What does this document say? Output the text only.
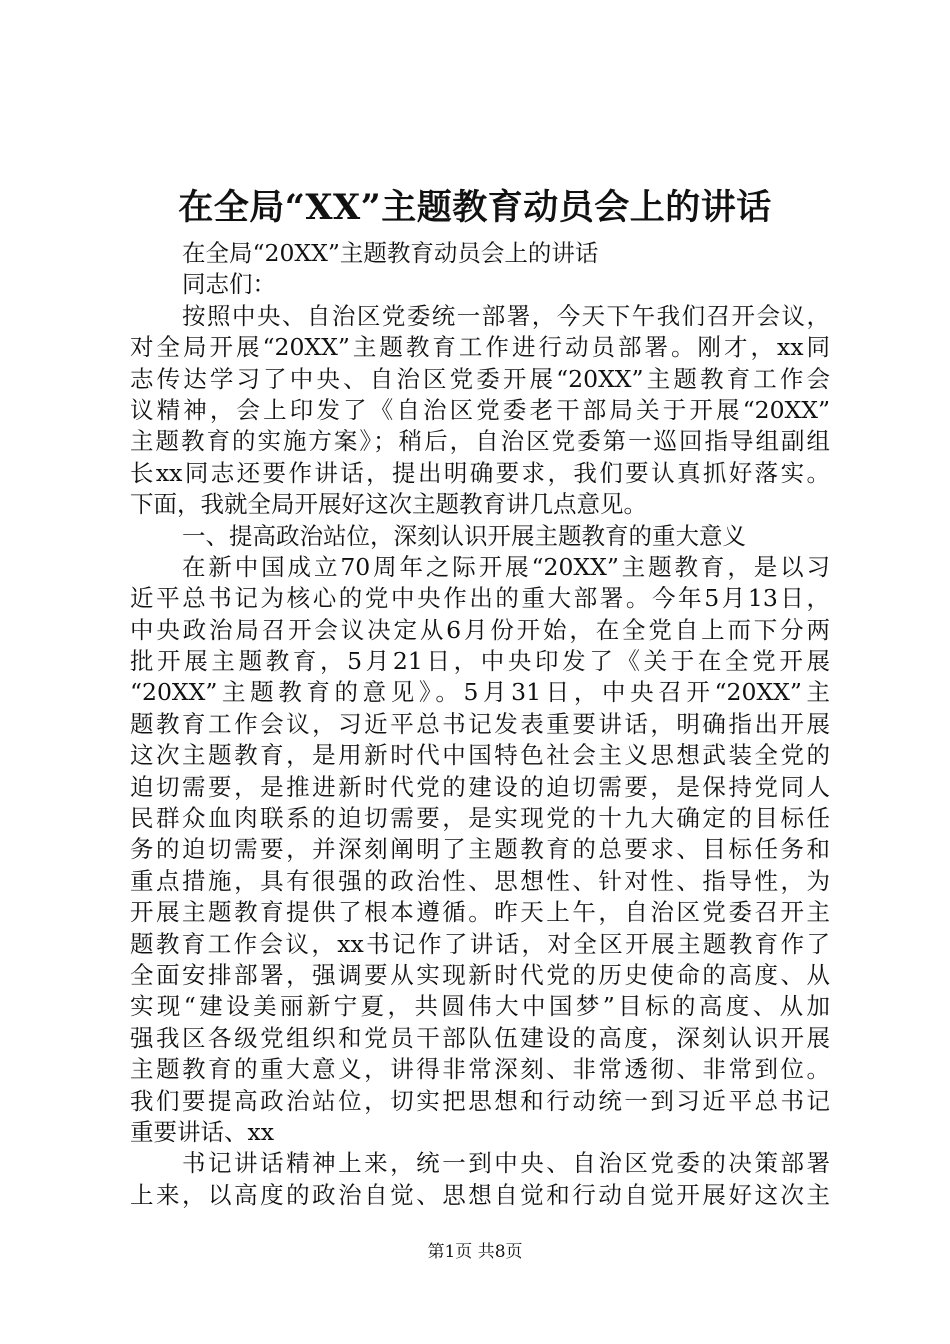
在全局“XX”主题教育动员会上的讲话
在全局“20XX”主题教育动员会上的讲话
同志们：
按照中央、自治区党委统一部署，今天下午我们召开会议，
对全局开展“20XX”主题教育工作进行动员部署。刚才，xx同
志传达学习了中央、自治区党委开展“20XX”主题教育工作会
议精神，会上印发了《自治区党委老干部局关于开展“20XX”
主题教育的实施方案》；稍后，自治区党委第一巡回指导组副组
长xx同志还要作讲话，提出明确要求，我们要认真抓好落实。
下面，我就全局开展好这次主题教育讲几点意见。
一、提高政治站位，深刻认识开展主题教育的重大意义
在新中国成立70周年之际开展“20XX”主题教育，是以习
近平总书记为核心的党中央作出的重大部署。今年5月13日，
中央政治局召开会议决定从6月份开始，在全党自上而下分两
批开展主题教育，5月21日，中央印发了《关于在全党开展
“20XX”主题教育的意见》。5月31日，中央召开“20XX”主
题教育工作会议，习近平总书记发表重要讲话，明确指出开展
这次主题教育，是用新时代中国特色社会主义思想武装全党的
迫切需要，是推进新时代党的建设的迫切需要，是保持党同人
民群众血肉联系的迫切需要，是实现党的十九大确定的目标任
务的迫切需要，并深刻阐明了主题教育的总要求、目标任务和
重点措施，具有很强的政治性、思想性、针对性、指导性，为
开展主题教育提供了根本遵循。昨天上午，自治区党委召开主
题教育工作会议，xx书记作了讲话，对全区开展主题教育作了
全面安排部署，强调要从实现新时代党的历史使命的高度、从
实现“建设美丽新宁夏，共圆伟大中国梦”目标的高度、从加
强我区各级党组织和党员干部队伍建设的高度，深刻认识开展
主题教育的重大意义，讲得非常深刻、非常透彻、非常到位。
我们要提高政治站位，切实把思想和行动统一到习近平总书记
重要讲话、xx
书记讲话精神上来，统一到中央、自治区党委的决策部署
上来，以高度的政治自觉、思想自觉和行动自觉开展好这次主
第1页 共8页
